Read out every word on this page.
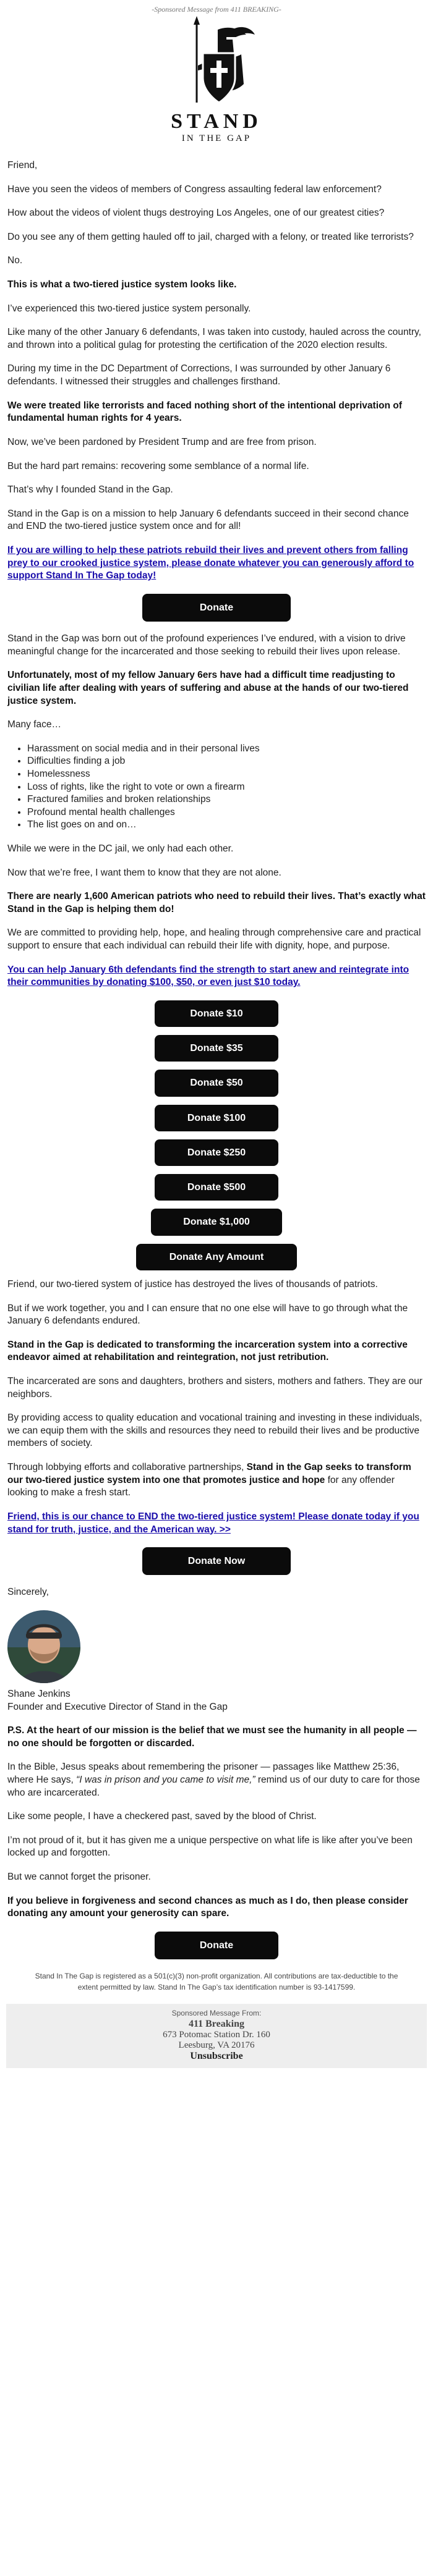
-Sponsored Message from 411 BREAKING-
STAND
IN THE GAP

Friend,

Have you seen the videos of members of Congress assaulting federal law enforcement?

How about the videos of violent thugs destroying Los Angeles, one of our greatest cities?

Do you see any of them getting hauled off to jail, charged with a felony, or treated like terrorists?

No.

This is what a two-tiered justice system looks like.

I’ve experienced this two-tiered justice system personally.

Like many of the other January 6 defendants, I was taken into custody, hauled across the country, and thrown into a political gulag for protesting the certification of the 2020 election results.

During my time in the DC Department of Corrections, I was surrounded by other January 6 defendants. I witnessed their struggles and challenges firsthand.

We were treated like terrorists and faced nothing short of the intentional deprivation of fundamental human rights for 4 years.

Now, we’ve been pardoned by President Trump and are free from prison.

But the hard part remains: recovering some semblance of a normal life.

That’s why I founded Stand in the Gap.

Stand in the Gap is on a mission to help January 6 defendants succeed in their second chance and END the two-tiered justice system once and for all!

If you are willing to help these patriots rebuild their lives and prevent others from falling prey to our crooked justice system, please donate whatever you can generously afford to support Stand In The Gap today!

Donate

Stand in the Gap was born out of the profound experiences I’ve endured, with a vision to drive meaningful change for the incarcerated and those seeking to rebuild their lives upon release.

Unfortunately, most of my fellow January 6ers have had a difficult time readjusting to civilian life after dealing with years of suffering and abuse at the hands of our two-tiered justice system.

Many face…

• Harassment on social media and in their personal lives
• Difficulties finding a job
• Homelessness
• Loss of rights, like the right to vote or own a firearm
• Fractured families and broken relationships
• Profound mental health challenges
• The list goes on and on…

While we were in the DC jail, we only had each other.

Now that we’re free, I want them to know that they are not alone.

There are nearly 1,600 American patriots who need to rebuild their lives. That’s exactly what Stand in the Gap is helping them do!

We are committed to providing help, hope, and healing through comprehensive care and practical support to ensure that each individual can rebuild their life with dignity, hope, and purpose.

You can help January 6th defendants find the strength to start anew and reintegrate into their communities by donating $100, $50, or even just $10 today.

Donate $10
Donate $35
Donate $50
Donate $100
Donate $250
Donate $500
Donate $1,000
Donate Any Amount

Friend, our two-tiered system of justice has destroyed the lives of thousands of patriots.

But if we work together, you and I can ensure that no one else will have to go through what the January 6 defendants endured.

Stand in the Gap is dedicated to transforming the incarceration system into a corrective endeavor aimed at rehabilitation and reintegration, not just retribution.

The incarcerated are sons and daughters, brothers and sisters, mothers and fathers. They are our neighbors.

By providing access to quality education and vocational training and investing in these individuals, we can equip them with the skills and resources they need to rebuild their lives and be productive members of society.

Through lobbying efforts and collaborative partnerships, Stand in the Gap seeks to transform our two-tiered justice system into one that promotes justice and hope for any offender looking to make a fresh start.

Friend, this is our chance to END the two-tiered justice system! Please donate today if you stand for truth, justice, and the American way. >>

Donate Now

Sincerely,

Shane Jenkins

Founder and Executive Director of Stand in the Gap

P.S. At the heart of our mission is the belief that we must see the humanity in all people — no one should be forgotten or discarded.

In the Bible, Jesus speaks about remembering the prisoner — passages like Matthew 25:36, where He says, “I was in prison and you came to visit me,” remind us of our duty to care for those who are incarcerated.

Like some people, I have a checkered past, saved by the blood of Christ.

I’m not proud of it, but it has given me a unique perspective on what life is like after you’ve been locked up and forgotten.

But we cannot forget the prisoner.

If you believe in forgiveness and second chances as much as I do, then please consider donating any amount your generosity can spare.

Donate
Stand In The Gap is registered as a 501(c)(3) non-profit organization. All contributions are tax-deductible to the extent permitted by law. Stand In The Gap’s tax identification number is 93-1417599.
Sponsored Message From:
411 Breaking
673 Potomac Station Dr. 160
Leesburg, VA 20176
Unsubscribe
